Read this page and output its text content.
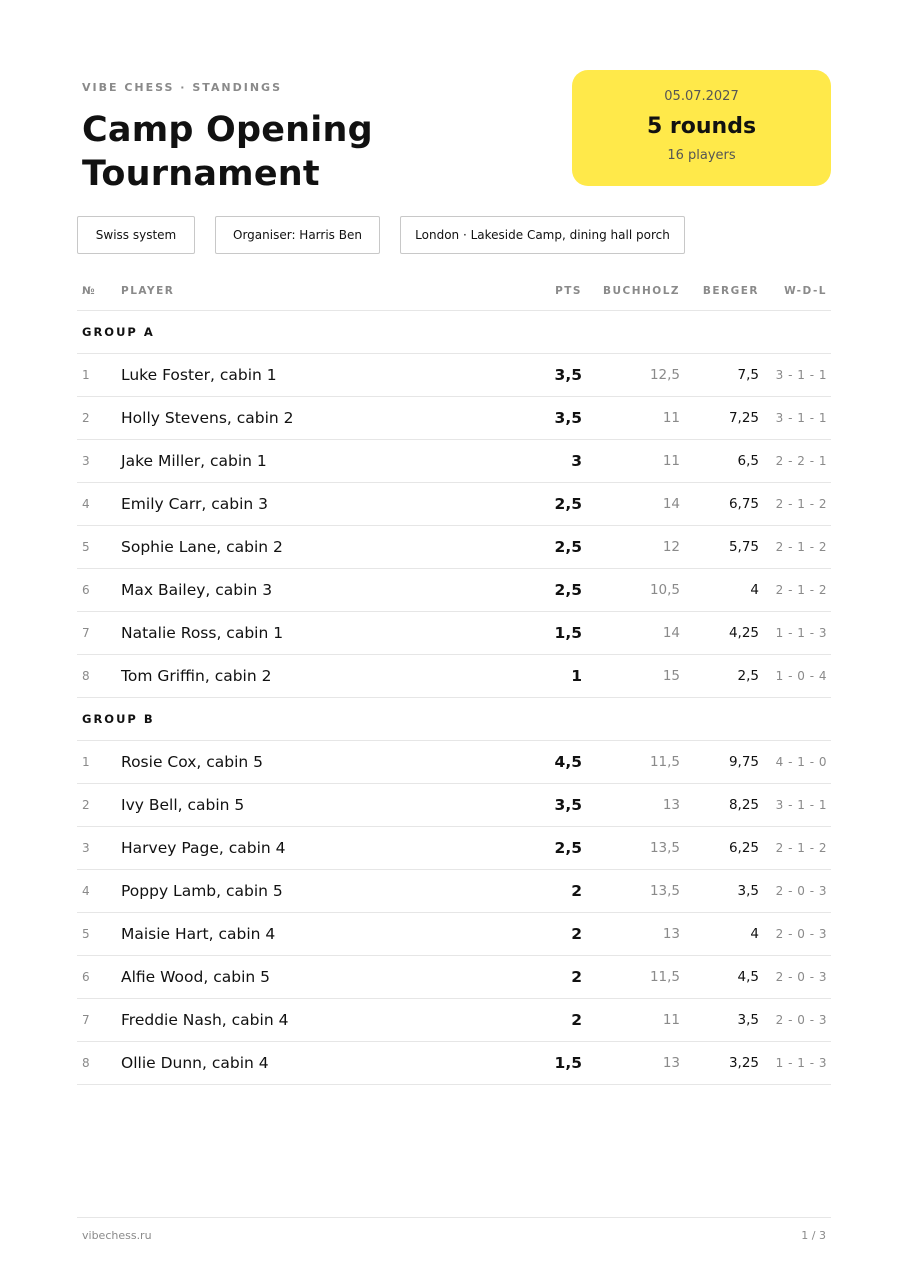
VIBE CHESS · STANDINGS
Camp Opening Tournament
05.07.2027
5 rounds
16 players
Swiss system	Organiser: Harris Ben	London · Lakeside Camp, dining hall porch
№	PLAYER	PTS	BUCHHOLZ	BERGER	W-D-L
GROUP A
1	Luke Foster, cabin 1	3,5	12,5	7,5	3 - 1 - 1
2	Holly Stevens, cabin 2	3,5	11	7,25	3 - 1 - 1
3	Jake Miller, cabin 1	3	11	6,5	2 - 2 - 1
4	Emily Carr, cabin 3	2,5	14	6,75	2 - 1 - 2
5	Sophie Lane, cabin 2	2,5	12	5,75	2 - 1 - 2
6	Max Bailey, cabin 3	2,5	10,5	4	2 - 1 - 2
7	Natalie Ross, cabin 1	1,5	14	4,25	1 - 1 - 3
8	Tom Griffin, cabin 2	1	15	2,5	1 - 0 - 4
GROUP B
1	Rosie Cox, cabin 5	4,5	11,5	9,75	4 - 1 - 0
2	Ivy Bell, cabin 5	3,5	13	8,25	3 - 1 - 1
3	Harvey Page, cabin 4	2,5	13,5	6,25	2 - 1 - 2
4	Poppy Lamb, cabin 5	2	13,5	3,5	2 - 0 - 3
5	Maisie Hart, cabin 4	2	13	4	2 - 0 - 3
6	Alfie Wood, cabin 5	2	11,5	4,5	2 - 0 - 3
7	Freddie Nash, cabin 4	2	11	3,5	2 - 0 - 3
8	Ollie Dunn, cabin 4	1,5	13	3,25	1 - 1 - 3
vibechess.ru	1 / 3
